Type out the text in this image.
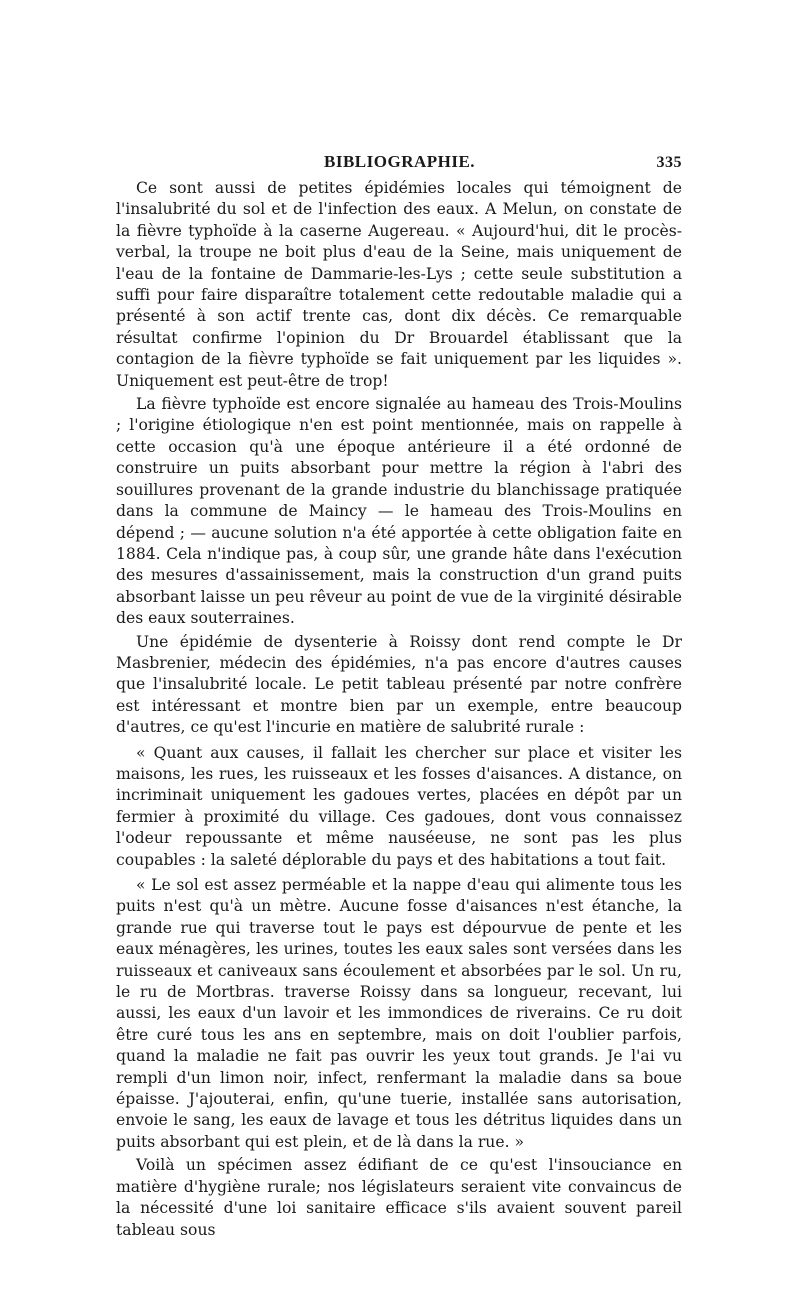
BIBLIOGRAPHIE.	335

Ce sont aussi de petites épidémies locales qui témoignent de l'insalubrité du sol et de l'infection des eaux. A Melun, on constate de la fièvre typhoïde à la caserne Augereau. « Aujourd'hui, dit le procès-verbal, la troupe ne boit plus d'eau de la Seine, mais uniquement de l'eau de la fontaine de Dammarie-les-Lys ; cette seule substitution a suffi pour faire disparaître totalement cette redoutable maladie qui a présenté à son actif trente cas, dont dix décès. Ce remarquable résultat confirme l'opinion du Dr Brouardel établissant que la contagion de la fièvre typhoïde se fait uniquement par les liquides ». Uniquement est peut-être de trop!

La fièvre typhoïde est encore signalée au hameau des Trois-Moulins ; l'origine étiologique n'en est point mentionnée, mais on rappelle à cette occasion qu'à une époque antérieure il a été ordonné de construire un puits absorbant pour mettre la région à l'abri des souillures provenant de la grande industrie du blanchissage pratiquée dans la commune de Maincy — le hameau des Trois-Moulins en dépend ; — aucune solution n'a été apportée à cette obligation faite en 1884. Cela n'indique pas, à coup sûr, une grande hâte dans l'exécution des mesures d'assainissement, mais la construction d'un grand puits absorbant laisse un peu rêveur au point de vue de la virginité désirable des eaux souterraines.

Une épidémie de dysenterie à Roissy dont rend compte le Dr Masbrenier, médecin des épidémies, n'a pas encore d'autres causes que l'insalubrité locale. Le petit tableau présenté par notre confrère est intéressant et montre bien par un exemple, entre beaucoup d'autres, ce qu'est l'incurie en matière de salubrité rurale :

« Quant aux causes, il fallait les chercher sur place et visiter les maisons, les rues, les ruisseaux et les fosses d'aisances. A distance, on incriminait uniquement les gadoues vertes, placées en dépôt par un fermier à proximité du village. Ces gadoues, dont vous connaissez l'odeur repoussante et même nauséeuse, ne sont pas les plus coupables : la saleté déplorable du pays et des habitations a tout fait.

« Le sol est assez perméable et la nappe d'eau qui alimente tous les puits n'est qu'à un mètre. Aucune fosse d'aisances n'est étanche, la grande rue qui traverse tout le pays est dépourvue de pente et les eaux ménagères, les urines, toutes les eaux sales sont versées dans les ruisseaux et caniveaux sans écoulement et absorbées par le sol. Un ru, le ru de Mortbras. traverse Roissy dans sa longueur, recevant, lui aussi, les eaux d'un lavoir et les immondices de riverains. Ce ru doit être curé tous les ans en septembre, mais on doit l'oublier parfois, quand la maladie ne fait pas ouvrir les yeux tout grands. Je l'ai vu rempli d'un limon noir, infect, renfermant la maladie dans sa boue épaisse. J'ajouterai, enfin, qu'une tuerie, installée sans autorisation, envoie le sang, les eaux de lavage et tous les détritus liquides dans un puits absorbant qui est plein, et de là dans la rue. »

Voilà un spécimen assez édifiant de ce qu'est l'insouciance en matière d'hygiène rurale; nos législateurs seraient vite convaincus de la nécessité d'une loi sanitaire efficace s'ils avaient souvent pareil tableau sous
